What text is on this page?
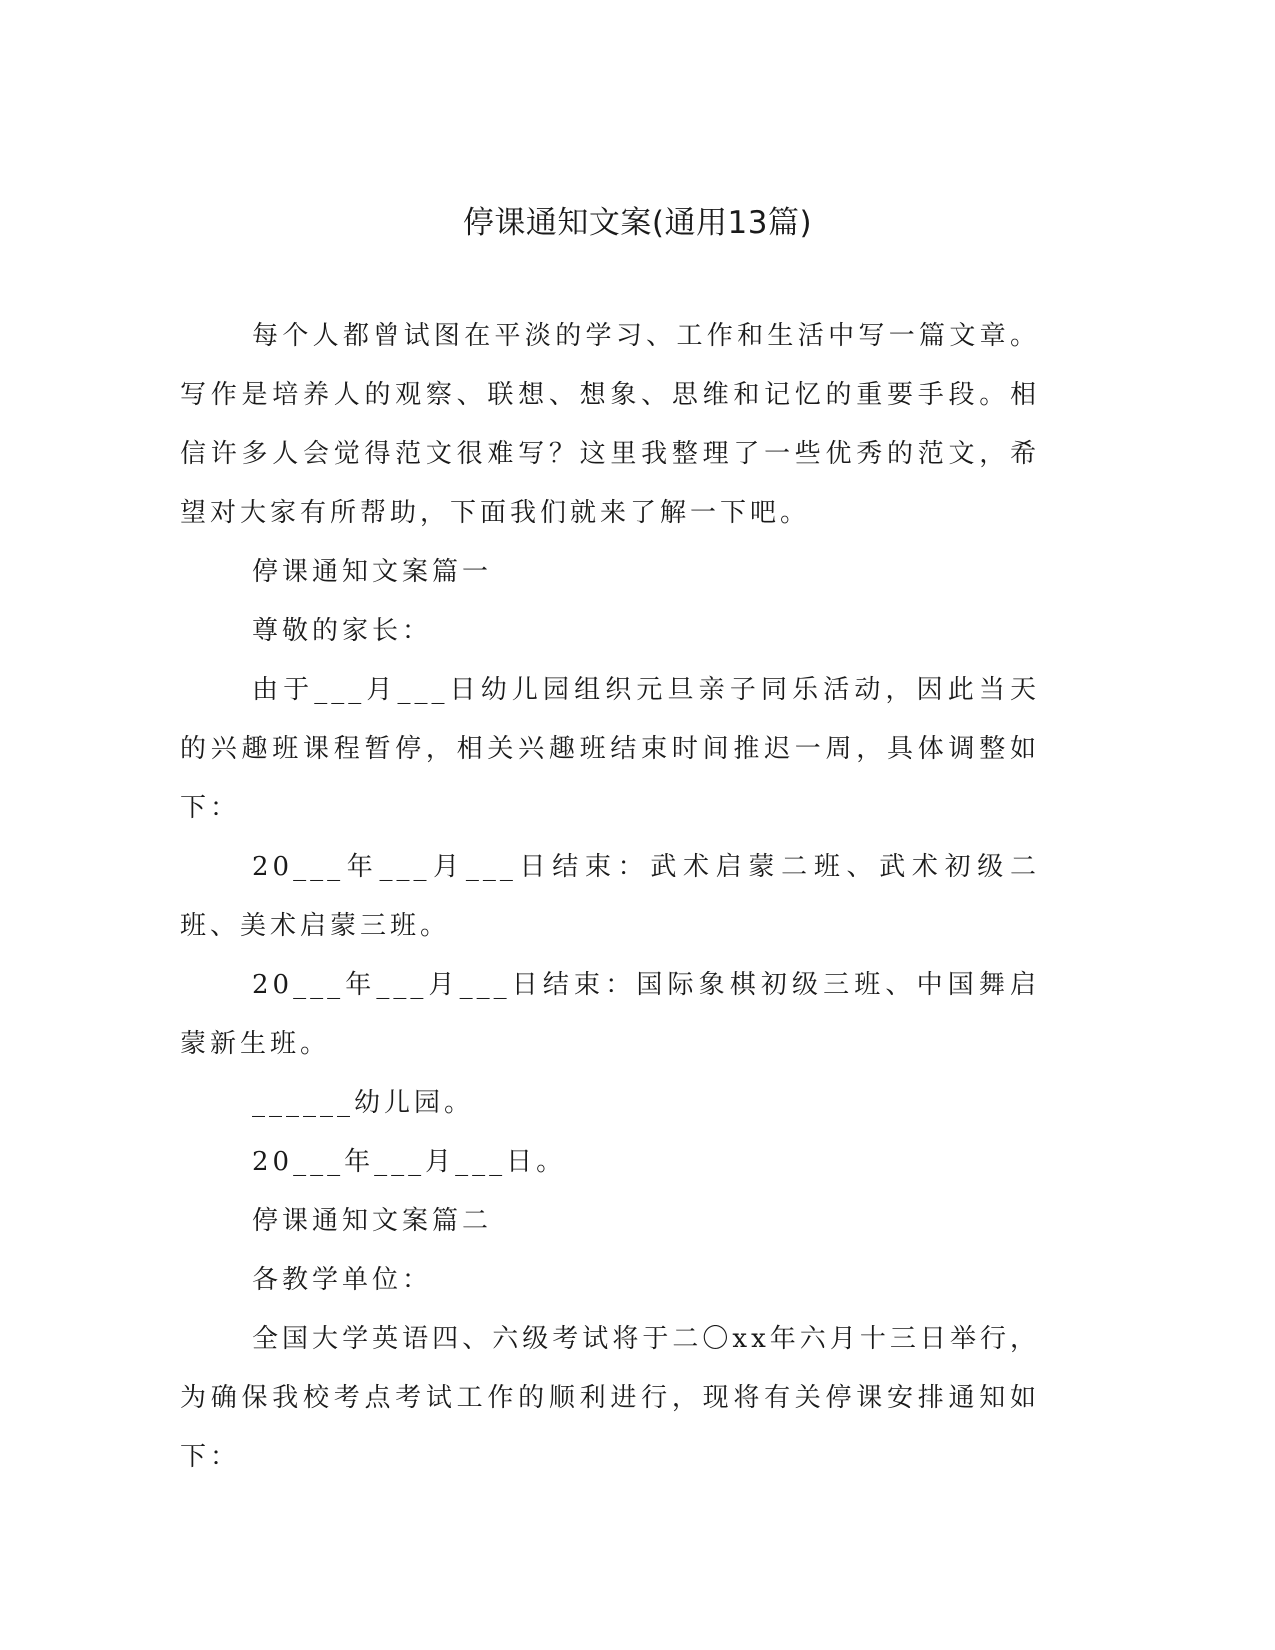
停课通知文案(通用13篇)

每个人都曾试图在平淡的学习、工作和生活中写一篇文章。写作是培养人的观察、联想、想象、思维和记忆的重要手段。相信许多人会觉得范文很难写？这里我整理了一些优秀的范文，希望对大家有所帮助，下面我们就来了解一下吧。

停课通知文案篇一

尊敬的家长：

由于___月___日幼儿园组织元旦亲子同乐活动，因此当天的兴趣班课程暂停，相关兴趣班结束时间推迟一周，具体调整如下：

20___年___月___日结束：武术启蒙二班、武术初级二班、美术启蒙三班。

20___年___月___日结束：国际象棋初级三班、中国舞启蒙新生班。

______幼儿园。

20___年___月___日。

停课通知文案篇二

各教学单位：

全国大学英语四、六级考试将于二〇xx年六月十三日举行，为确保我校考点考试工作的顺利进行，现将有关停课安排通知如下：
